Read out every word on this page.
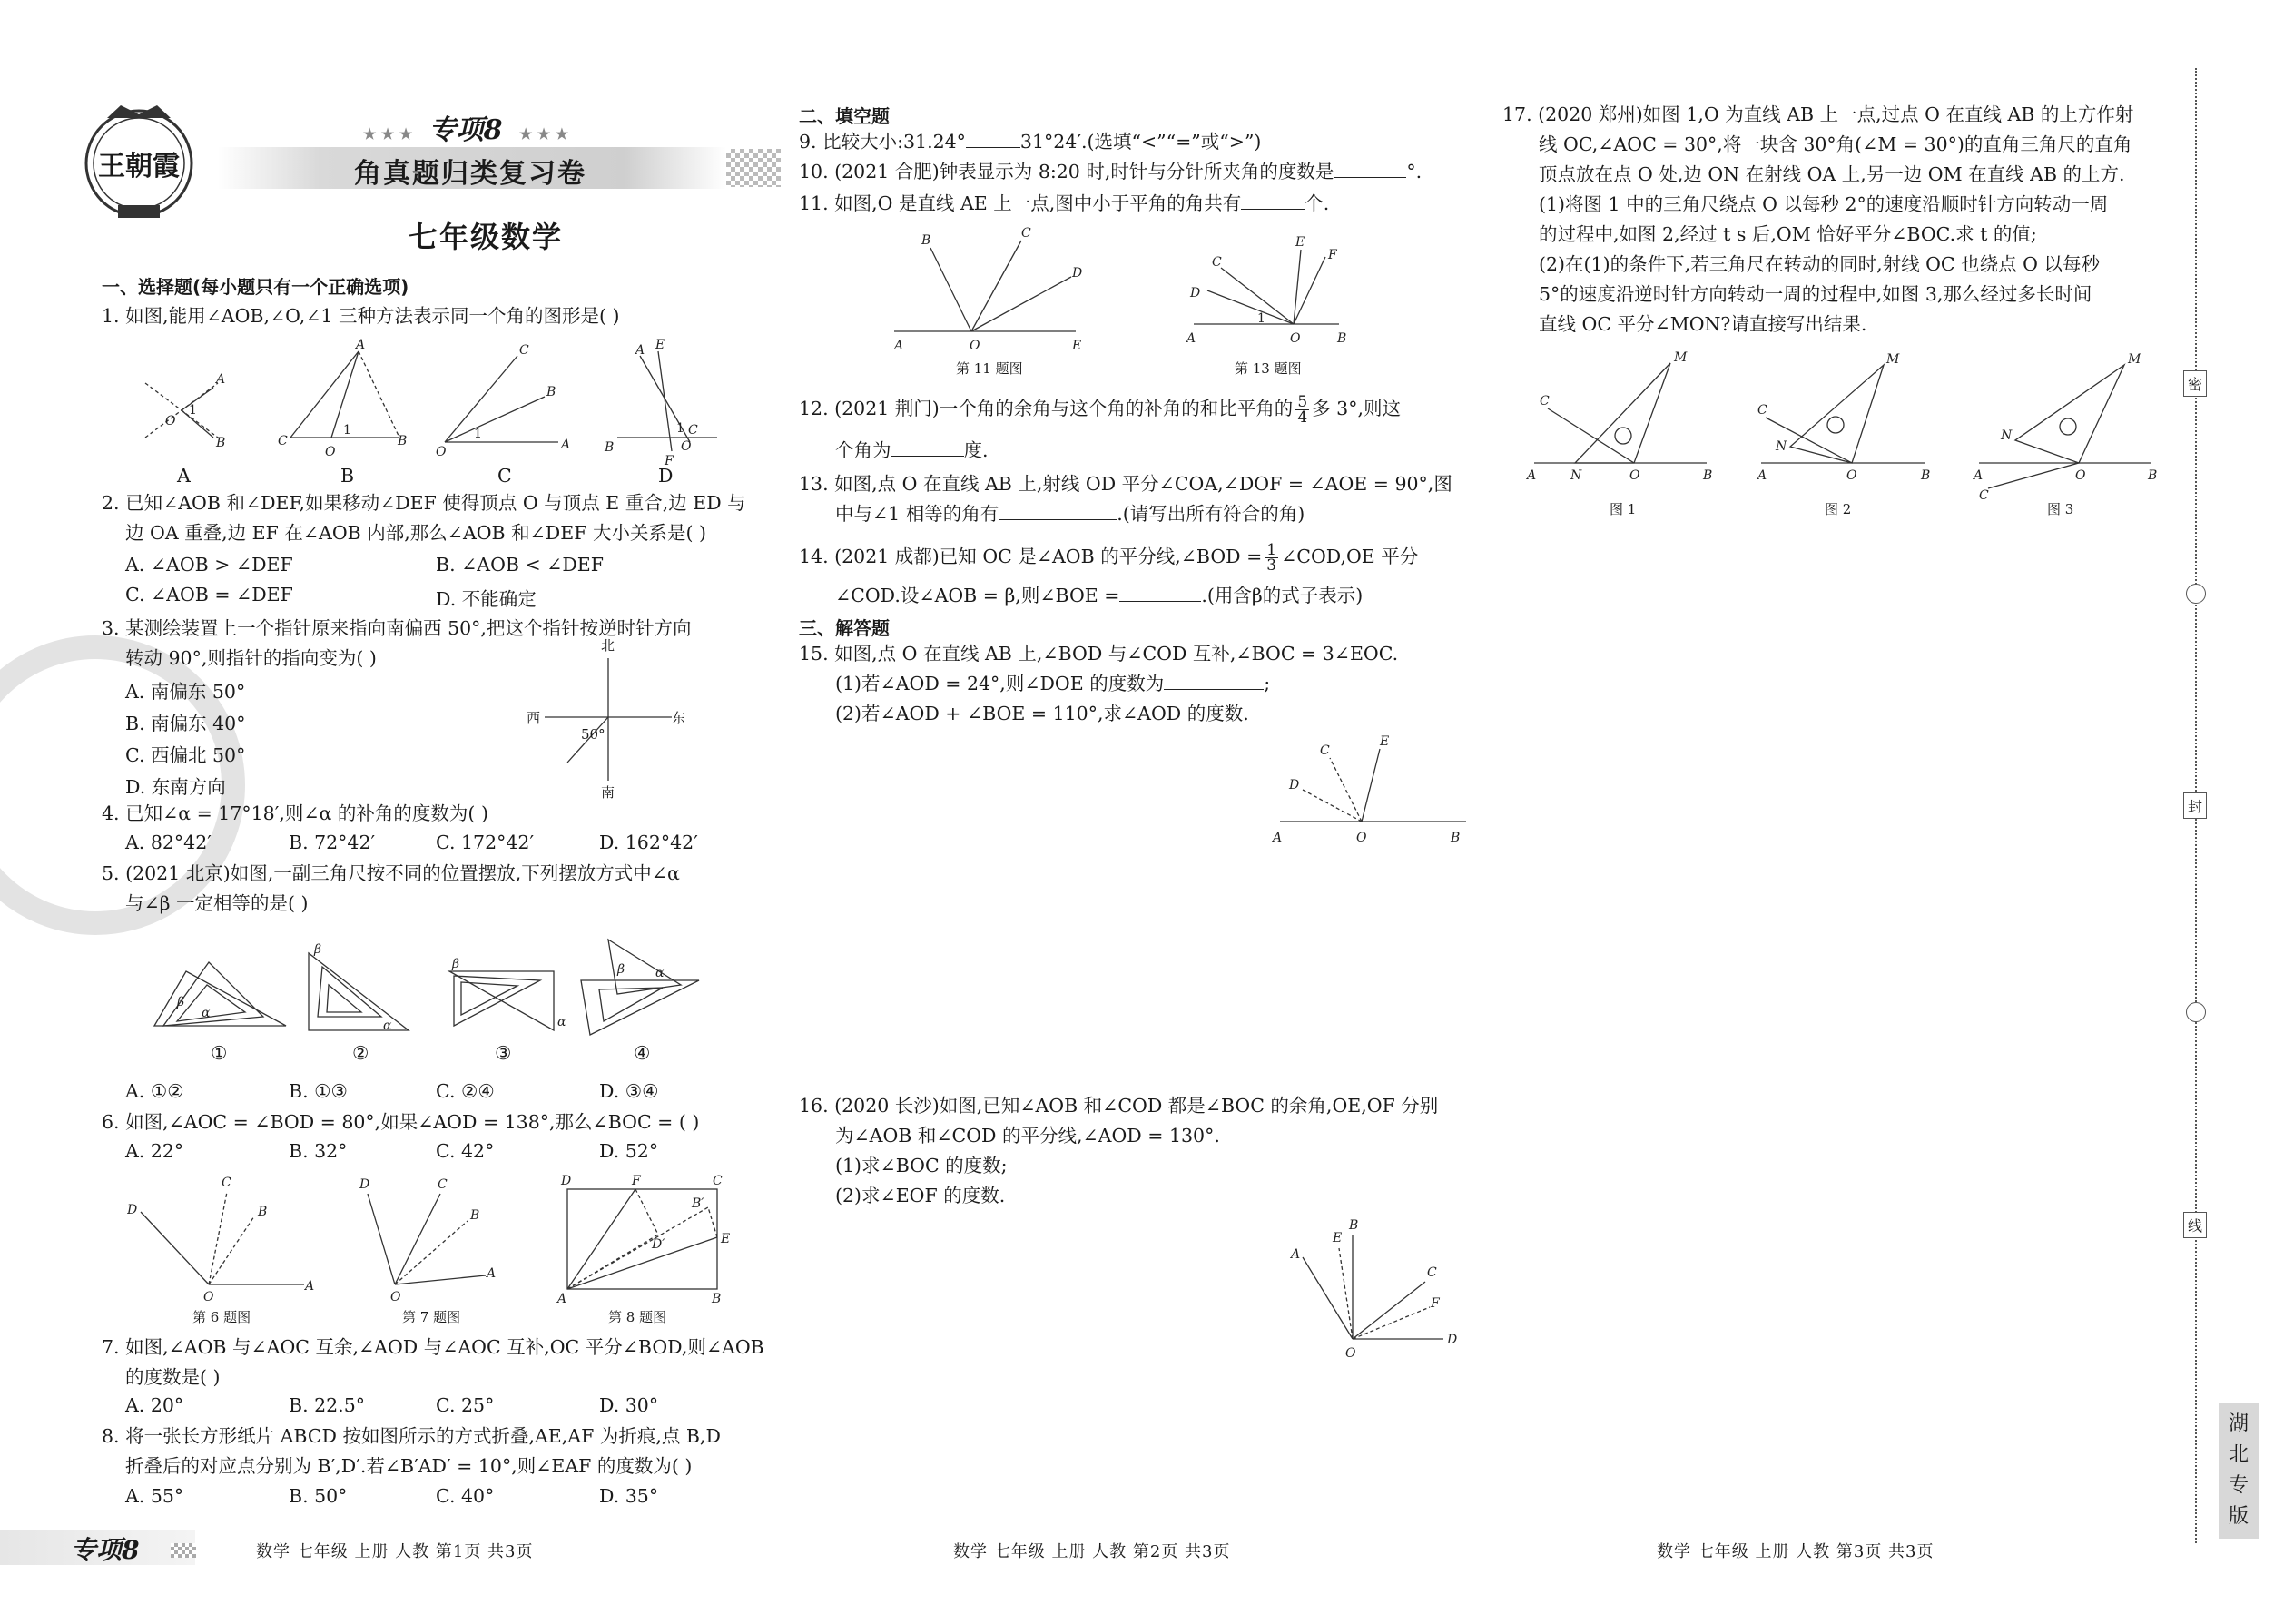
王朝霞
★ ★ ★ 专项8 ★ ★ ★
角真题归类复习卷
七年级数学
一、选择题(每小题只有一个正确选项)
1. 如图,能用∠AOB,∠O,∠1 三种方法表示同一个角的图形是( )
A
O
1
B
A
C
O
1
B
C
B
O
1
A
A E
B
C
1
O
F
A	B	C	D
2. 已知∠AOB 和∠DEF,如果移动∠DEF 使得顶点 O 与顶点 E 重合,边 ED 与
边 OA 重叠,边 EF 在∠AOB 内部,那么∠AOB 和∠DEF 大小关系是( )
A. ∠AOB > ∠DEF	B. ∠AOB < ∠DEF
C. ∠AOB = ∠DEF	D. 不能确定
3. 某测绘装置上一个指针原来指向南偏西 50°,把这个指针按逆时针方向
转动 90°,则指针的指向变为( )
A. 南偏东 50°
B. 南偏东 40°
C. 西偏北 50°
D. 东南方向
北
南
西	东
50°
4. 已知∠α = 17°18′,则∠α 的补角的度数为( )
A. 82°42′	B. 72°42′	C. 172°42′	D. 162°42′
5. (2021 北京)如图,一副三角尺按不同的位置摆放,下列摆放方式中∠α
与∠β 一定相等的是( )
β
α
β
α
β
α
β α
①	②	③	④
A. ①②	B. ①③	C. ②④	D. ③④
6. 如图,∠AOC = ∠BOD = 80°,如果∠AOD = 138°,那么∠BOC = ( )
A. 22°	B. 32°	C. 42°	D. 52°
D
C
B
O
A
D	C
B
O
A
D	F	C
B′
D′	E
A	B
第 6 题图	第 7 题图	第 8 题图
7. 如图,∠AOB 与∠AOC 互余,∠AOD 与∠AOC 互补,OC 平分∠BOD,则∠AOB
的度数是( )
A. 20°	B. 22.5°	C. 25°	D. 30°
8. 将一张长方形纸片 ABCD 按如图所示的方式折叠,AE,AF 为折痕,点 B,D
折叠后的对应点分别为 B′,D′.若∠B′AD′ = 10°,则∠EAF 的度数为( )
A. 55°	B. 50°	C. 40°	D. 35°
专项8	数学 七年级 上册 人教 第1页 共3页
二、填空题
9. 比较大小:31.24°	31°24′.(选填“<”“=”或“>”)
10. (2021 合肥)钟表显示为 8:20 时,时针与分针所夹角的度数是	°.
11. 如图,O 是直线 AE 上一点,图中小于平角的角共有	个.
A	O	E
B	C
D
A	O	B
C
D
E
F
1
第 11 题图	第 13 题图
12. (2021 荆门)一个角的余角与这个角的补角的和比平角的 $\frac{5}{4}$ 多 3°,则这
个角为	度.
13. 如图,点 O 在直线 AB 上,射线 OD 平分∠COA,∠DOF = ∠AOE = 90°,图
中与∠1 相等的角有	.(请写出所有符合的角)
14. (2021 成都)已知 OC 是∠AOB 的平分线,∠BOD = $\frac{1}{3}$ ∠COD,OE 平分
∠COD.设∠AOB = β,则∠BOE =	.(用含β的式子表示)
三、解答题
15. 如图,点 O 在直线 AB 上,∠BOD 与∠COD 互补,∠BOC = 3∠EOC.
(1)若∠AOD = 24°,则∠DOE 的度数为	;
(2)若∠AOD + ∠BOE = 110°,求∠AOD 的度数.
A	O	B
C
D
E
16. (2020 长沙)如图,已知∠AOB 和∠COD 都是∠BOC 的余角,OE,OF 分别
为∠AOB 和∠COD 的平分线,∠AOD = 130°.
(1)求∠BOC 的度数;
(2)求∠EOF 的度数.
B
E
A
C
F
D
O
数学 七年级 上册 人教 第2页 共3页
17. (2020 郑州)如图 1,O 为直线 AB 上一点,过点 O 在直线 AB 的上方作射
线 OC,∠AOC = 30°,将一块含 30°角(∠M = 30°)的直角三角尺的直角
顶点放在点 O 处,边 ON 在射线 OA 上,另一边 OM 在直线 AB 的上方.
(1)将图 1 中的三角尺绕点 O 以每秒 2°的速度沿顺时针方向转动一周
的过程中,如图 2,经过 t s 后,OM 恰好平分∠BOC.求 t 的值;
(2)在(1)的条件下,若三角尺在转动的同时,射线 OC 也绕点 O 以每秒
5°的速度沿逆时针方向转动一周的过程中,如图 3,那么经过多长时间
直线 OC 平分∠MON?请直接写出结果.
C
M
A	N	O	B
C
M
N
A	O	B
M
N
A	O	B
C
图 1	图 2	图 3
数学 七年级 上册 人教 第3页 共3页
密
封
线
湖
北
专
版
